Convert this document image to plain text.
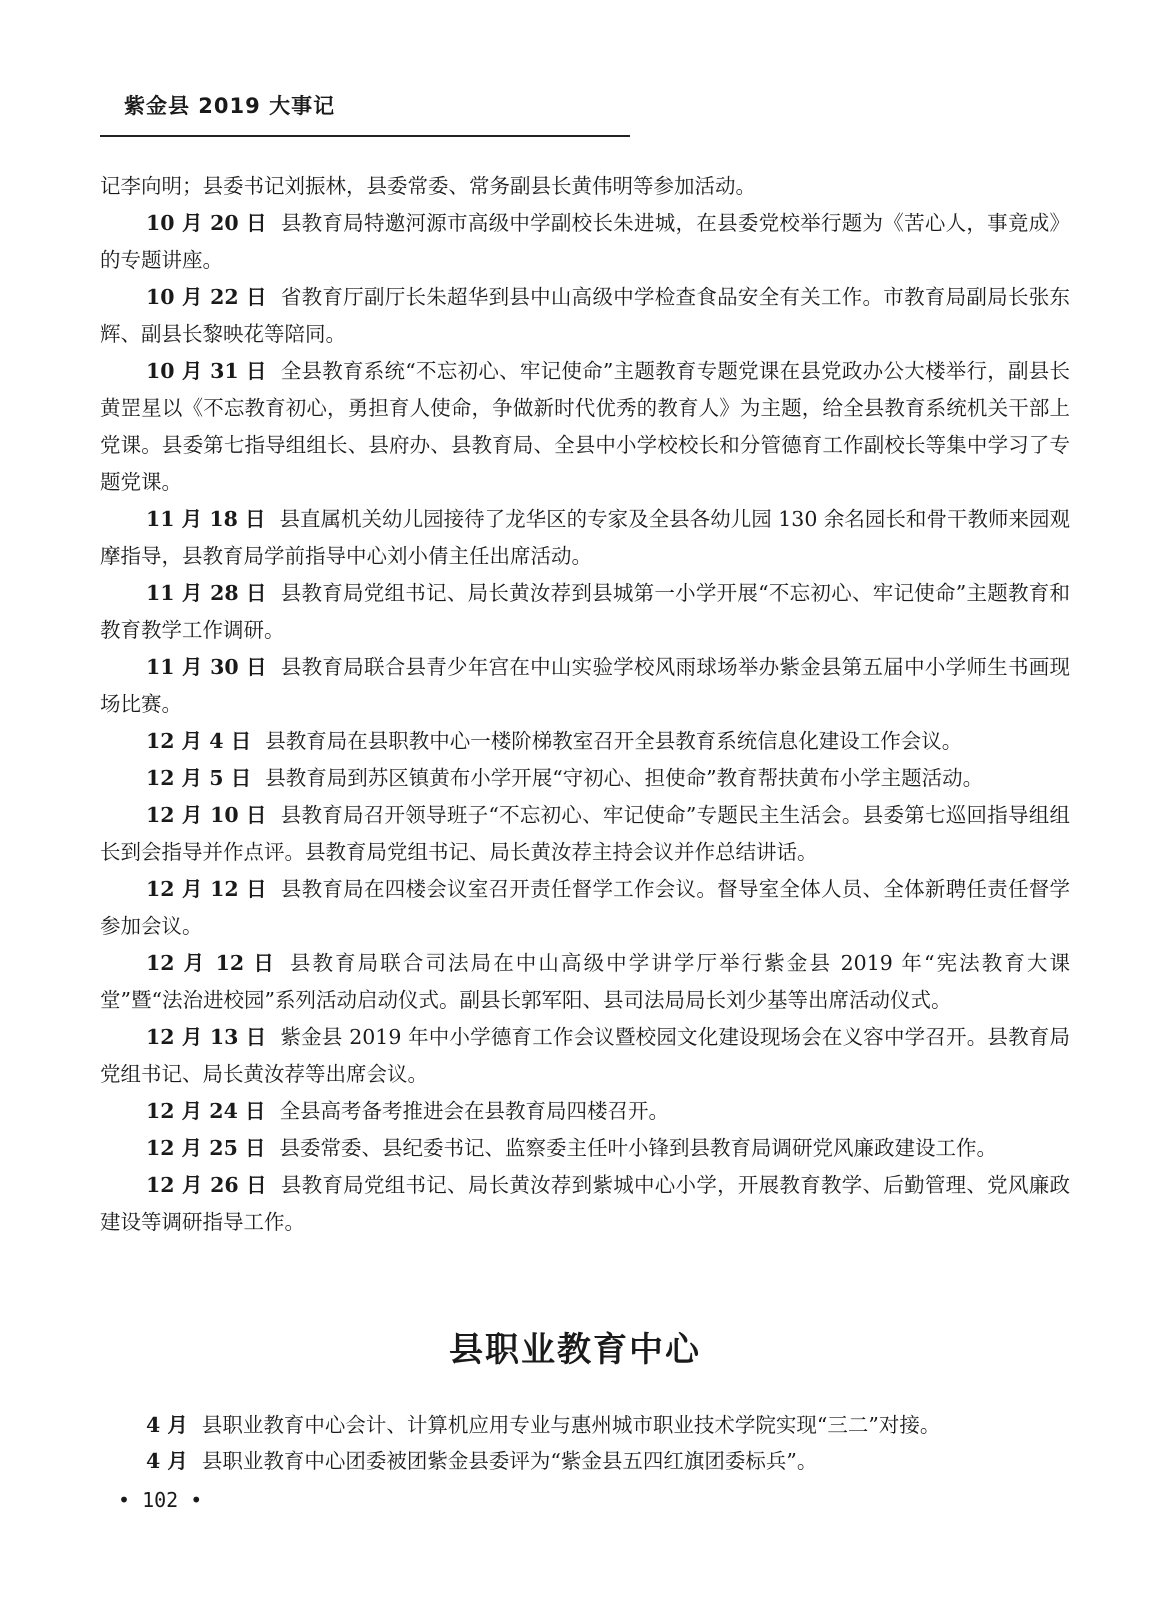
紫金县 2019 大事记

记李向明；县委书记刘振林，县委常委、常务副县长黄伟明等参加活动。

10 月 20 日 县教育局特邀河源市高级中学副校长朱进城，在县委党校举行题为《苦心人，事竟成》的专题讲座。

10 月 22 日 省教育厅副厅长朱超华到县中山高级中学检查食品安全有关工作。市教育局副局长张东辉、副县长黎映花等陪同。

10 月 31 日 全县教育系统“不忘初心、牢记使命”主题教育专题党课在县党政办公大楼举行，副县长黄罡星以《不忘教育初心，勇担育人使命，争做新时代优秀的教育人》为主题，给全县教育系统机关干部上党课。县委第七指导组组长、县府办、县教育局、全县中小学校校长和分管德育工作副校长等集中学习了专题党课。

11 月 18 日 县直属机关幼儿园接待了龙华区的专家及全县各幼儿园 130 余名园长和骨干教师来园观摩指导，县教育局学前指导中心刘小倩主任出席活动。

11 月 28 日 县教育局党组书记、局长黄汝荐到县城第一小学开展“不忘初心、牢记使命”主题教育和教育教学工作调研。

11 月 30 日 县教育局联合县青少年宫在中山实验学校风雨球场举办紫金县第五届中小学师生书画现场比赛。

12 月 4 日 县教育局在县职教中心一楼阶梯教室召开全县教育系统信息化建设工作会议。

12 月 5 日 县教育局到苏区镇黄布小学开展“守初心、担使命”教育帮扶黄布小学主题活动。

12 月 10 日 县教育局召开领导班子“不忘初心、牢记使命”专题民主生活会。县委第七巡回指导组组长到会指导并作点评。县教育局党组书记、局长黄汝荐主持会议并作总结讲话。

12 月 12 日 县教育局在四楼会议室召开责任督学工作会议。督导室全体人员、全体新聘任责任督学参加会议。

12 月 12 日 县教育局联合司法局在中山高级中学讲学厅举行紫金县 2019 年“宪法教育大课堂”暨“法治进校园”系列活动启动仪式。副县长郭军阳、县司法局局长刘少基等出席活动仪式。

12 月 13 日 紫金县 2019 年中小学德育工作会议暨校园文化建设现场会在义容中学召开。县教育局党组书记、局长黄汝荐等出席会议。

12 月 24 日 全县高考备考推进会在县教育局四楼召开。

12 月 25 日 县委常委、县纪委书记、监察委主任叶小锋到县教育局调研党风廉政建设工作。

12 月 26 日 县教育局党组书记、局长黄汝荐到紫城中心小学，开展教育教学、后勤管理、党风廉政建设等调研指导工作。

县职业教育中心

4 月 县职业教育中心会计、计算机应用专业与惠州城市职业技术学院实现“三二”对接。

4 月 县职业教育中心团委被团紫金县委评为“紫金县五四红旗团委标兵”。

• 102 •
